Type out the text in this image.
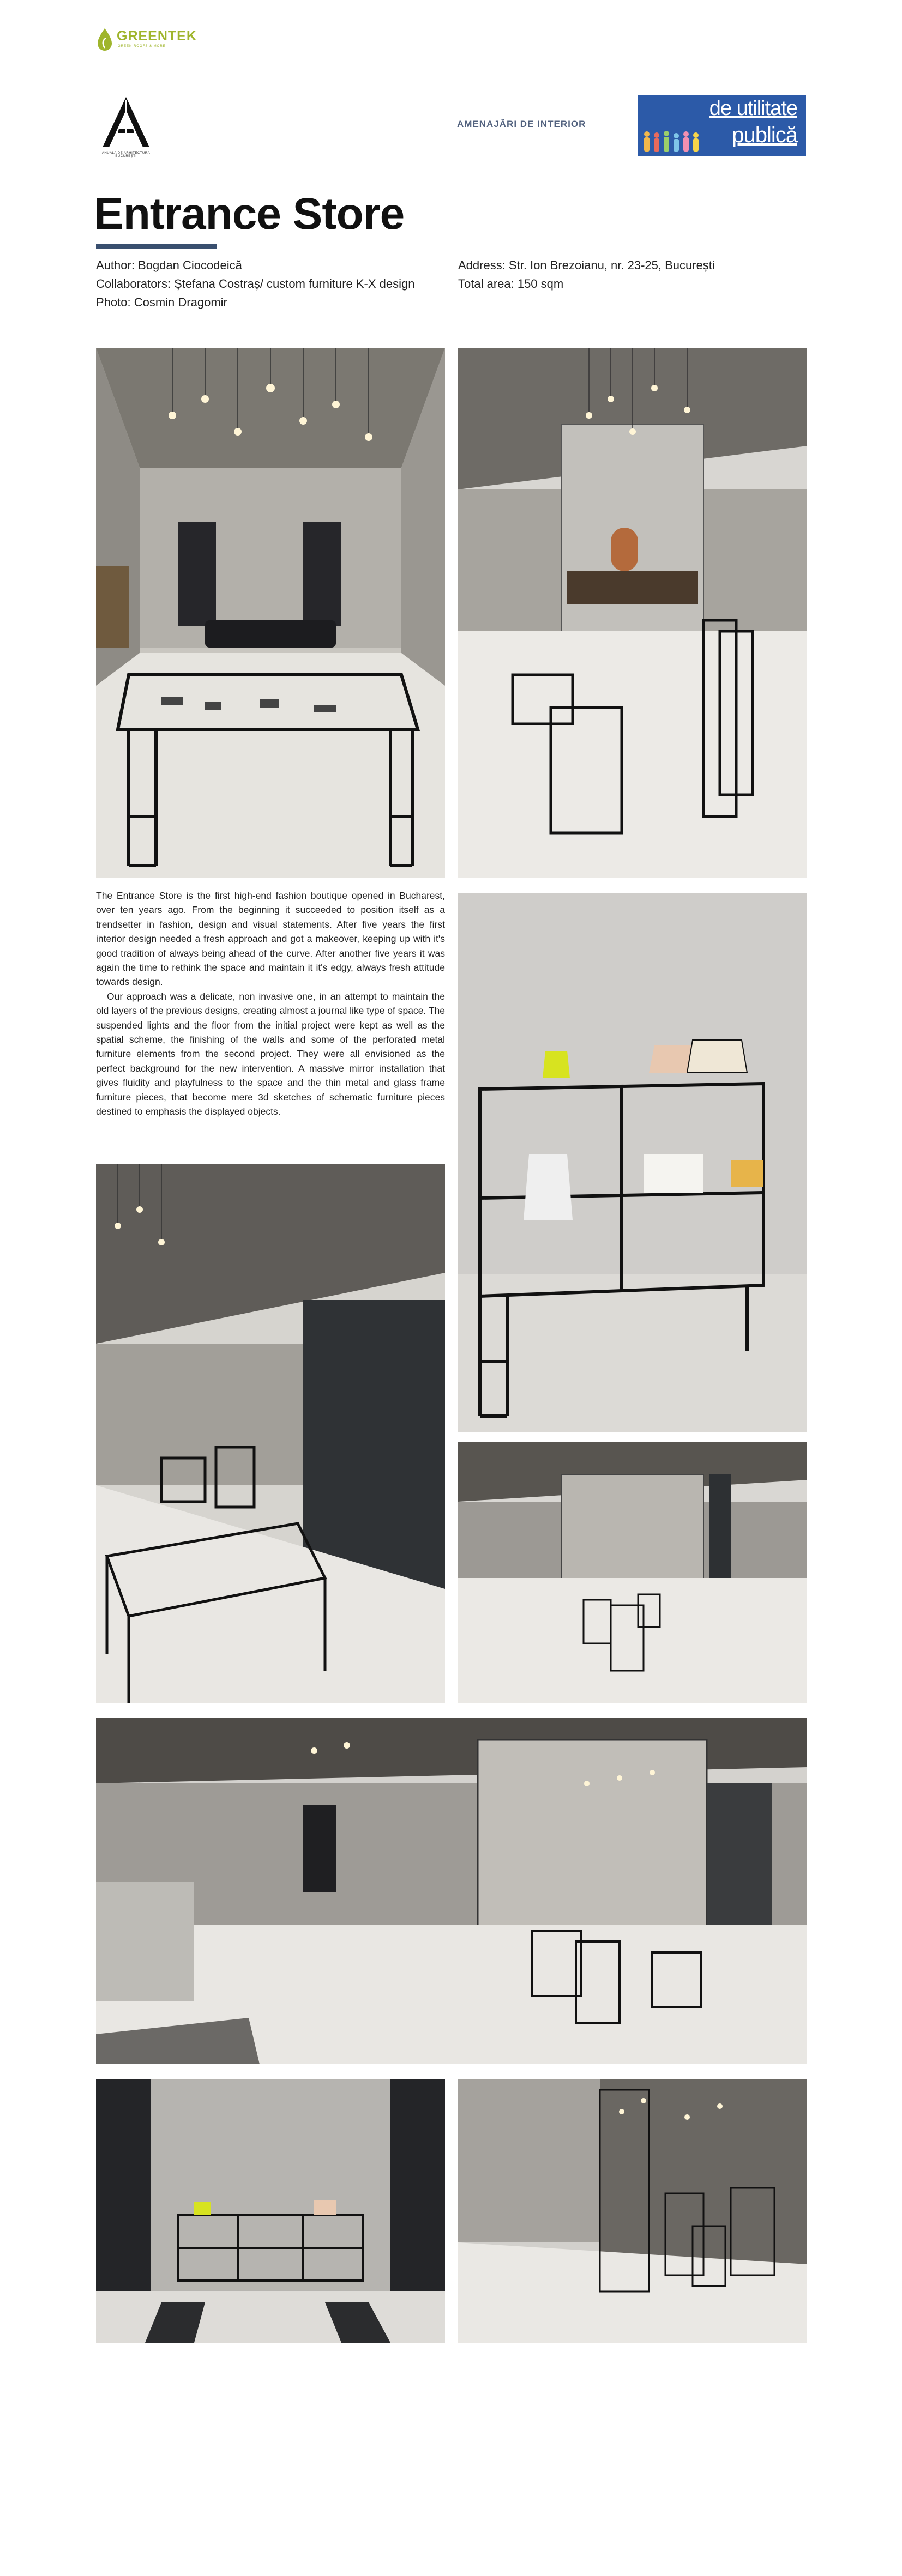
GREENTEK
GREEN ROOFS & MORE
ANUALA DE ARHITECTURA BUCUREȘTI
AMENAJĂRI DE INTERIOR
de utilitate
publică
Entrance Store
Author: Bogdan Ciocodeică
Collaborators: Ștefana Costraș/ custom furniture K-X design
Photo: Cosmin Dragomir
Address: Str. Ion Brezoianu, nr. 23-25, București
Total area: 150 sqm

The Entrance Store is the first high-end fashion boutique opened in Bucharest, over ten years ago. From the beginning it succeeded to position itself as a trendsetter in fashion, design and visual statements. After five years the first interior design needed a fresh approach and got a makeover, keeping up with it's good tradition of always being ahead of the curve. After another five years it was again the time to rethink the space and maintain it it's edgy, always fresh attitude towards design.

Our approach was a delicate, non invasive one, in an attempt to maintain the old layers of the previous designs, creating almost a journal like type of space. The suspended lights and the floor from the initial project were kept as well as the spatial scheme, the finishing of the walls and some of the perforated metal furniture elements from the second project. They were all envisioned as the perfect background for the new intervention. A massive mirror installation that gives fluidity and playfulness to the space and the thin metal and glass frame furniture pieces, that become mere 3d sketches of schematic furniture pieces destined to emphasis the displayed objects.
